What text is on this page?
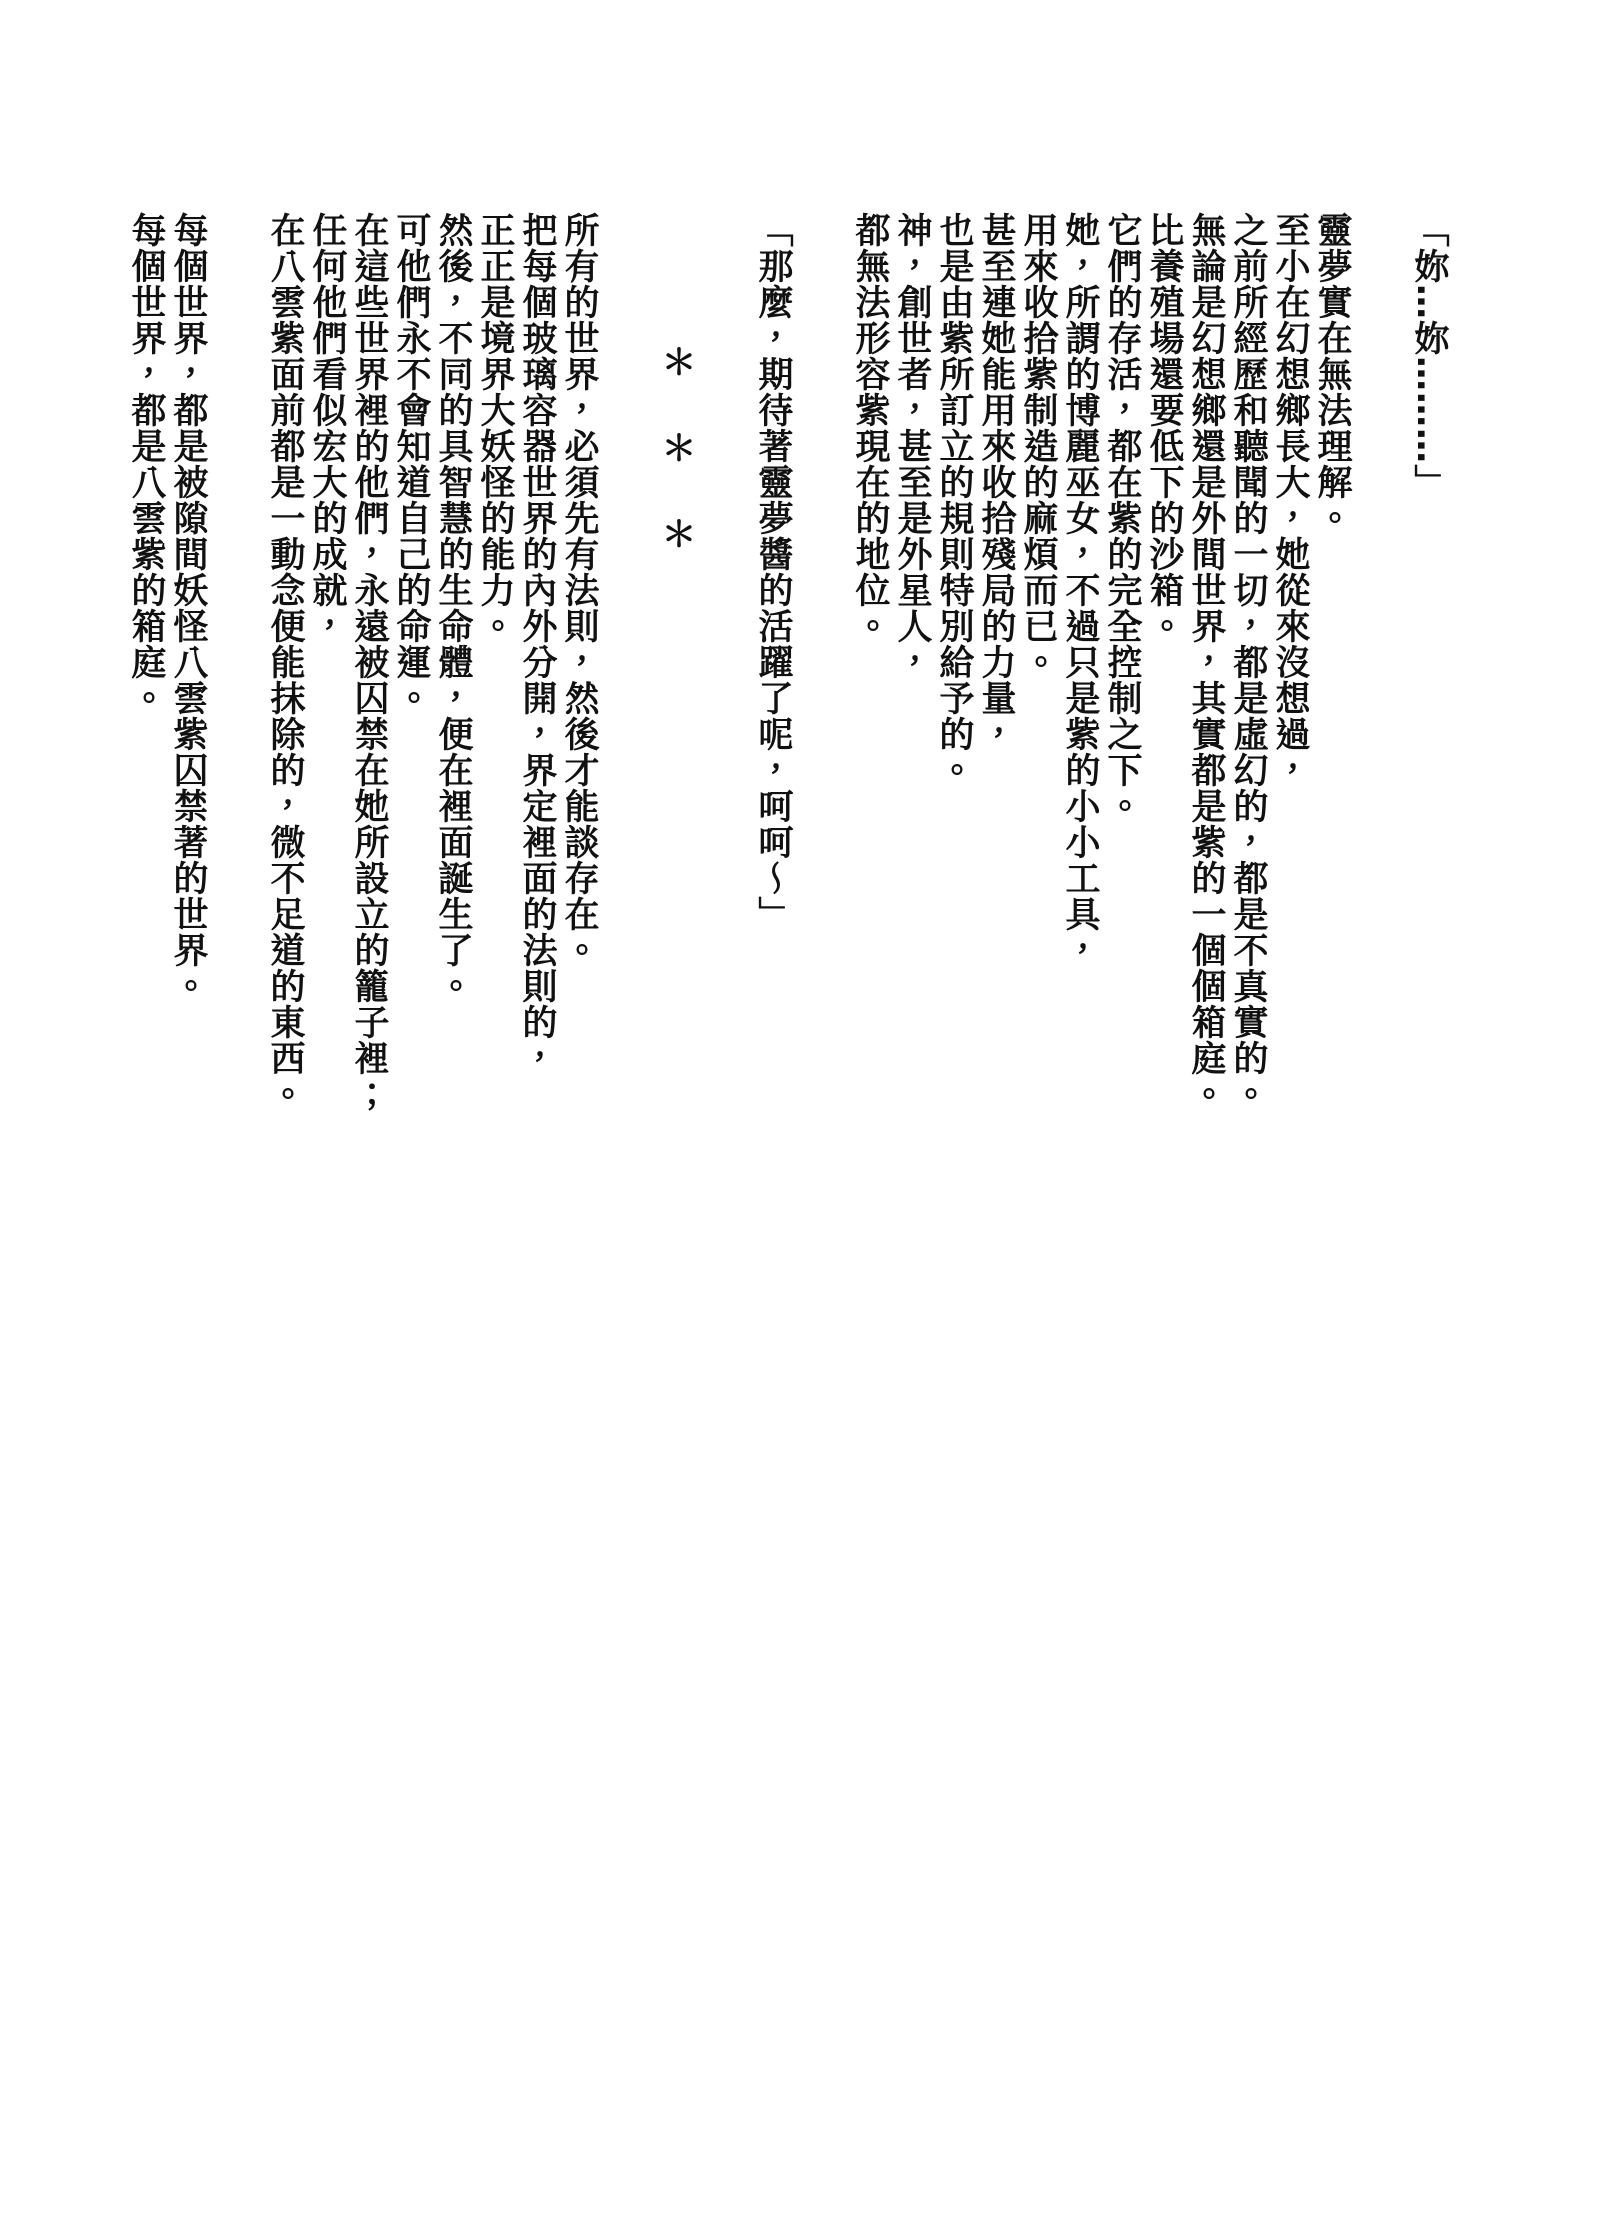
「妳…妳………」
靈夢實在無法理解。
至小在幻想鄉長大，她從來沒想過，
之前所經歷和聽聞的一切，都是虛幻的，都是不真實的。
無論是幻想鄉還是外間世界，其實都是紫的一個個箱庭。
比養殖場還要低下的沙箱。
它們的存活，都在紫的完全控制之下。
她，所謂的博麗巫女，不過只是紫的小小工具，
用來收拾紫制造的麻煩而已。
甚至連她能用來收拾殘局的力量，
也是由紫所訂立的規則特別給予的。
神，創世者，甚至是外星人，
都無法形容紫現在的地位。
「那麼，期待著靈夢醬的活躍了呢，呵呵～」
＊　＊　＊
所有的世界，必須先有法則，然後才能談存在。
把每個玻璃容器世界的內外分開，界定裡面的法則的，
正正是境界大妖怪的能力。
然後，不同的具智慧的生命體，便在裡面誕生了。
可他們永不會知道自己的命運。
在這些世界裡的他們，永遠被囚禁在她所設立的籠子裡；
任何他們看似宏大的成就，
在八雲紫面前都是一動念便能抹除的，微不足道的東西。
每個世界，都是被隙間妖怪八雲紫囚禁著的世界。
每個世界，都是八雲紫的箱庭。
